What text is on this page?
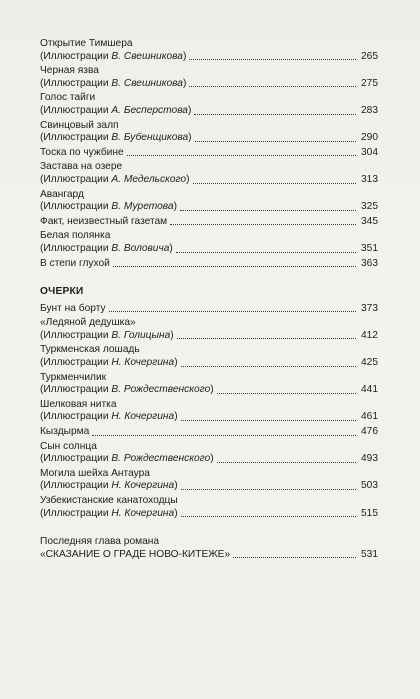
Открытие Тимшера
(Иллюстрации В. Свешникова)	265
Черная язва
(Иллюстрации В. Свешникова)	275
Голос тайги
(Иллюстрации А. Бесперстова)	283
Свинцовый залп
(Иллюстрации В. Бубенщикова)	290
Тоска по чужбине	304
Застава на озере
(Иллюстрации А. Медельского)	313
Авангард
(Иллюстрации В. Муретова)	325
Факт, неизвестный газетам	345
Белая полянка
(Иллюстрации В. Воловича)	351
В степи глухой	363
ОЧЕРКИ
Бунт на борту	373
«Ледяной дедушка»
(Иллюстрации В. Голицына)	412
Туркменская лошадь
(Иллюстрации Н. Кочергина)	425
Туркменчилик
(Иллюстрации В. Рождественского)	441
Шелковая нитка
(Иллюстрации Н. Кочергина)	461
Кыздырма	476
Сын солнца
(Иллюстрации В. Рождественского)	493
Могила шейха Антаура
(Иллюстрации Н. Кочергина)	503
Узбекистанские канатоходцы
(Иллюстрации Н. Кочергина)	515
Последняя глава романа
«СКАЗАНИЕ О ГРАДЕ НОВО-КИТЕЖЕ»	531
